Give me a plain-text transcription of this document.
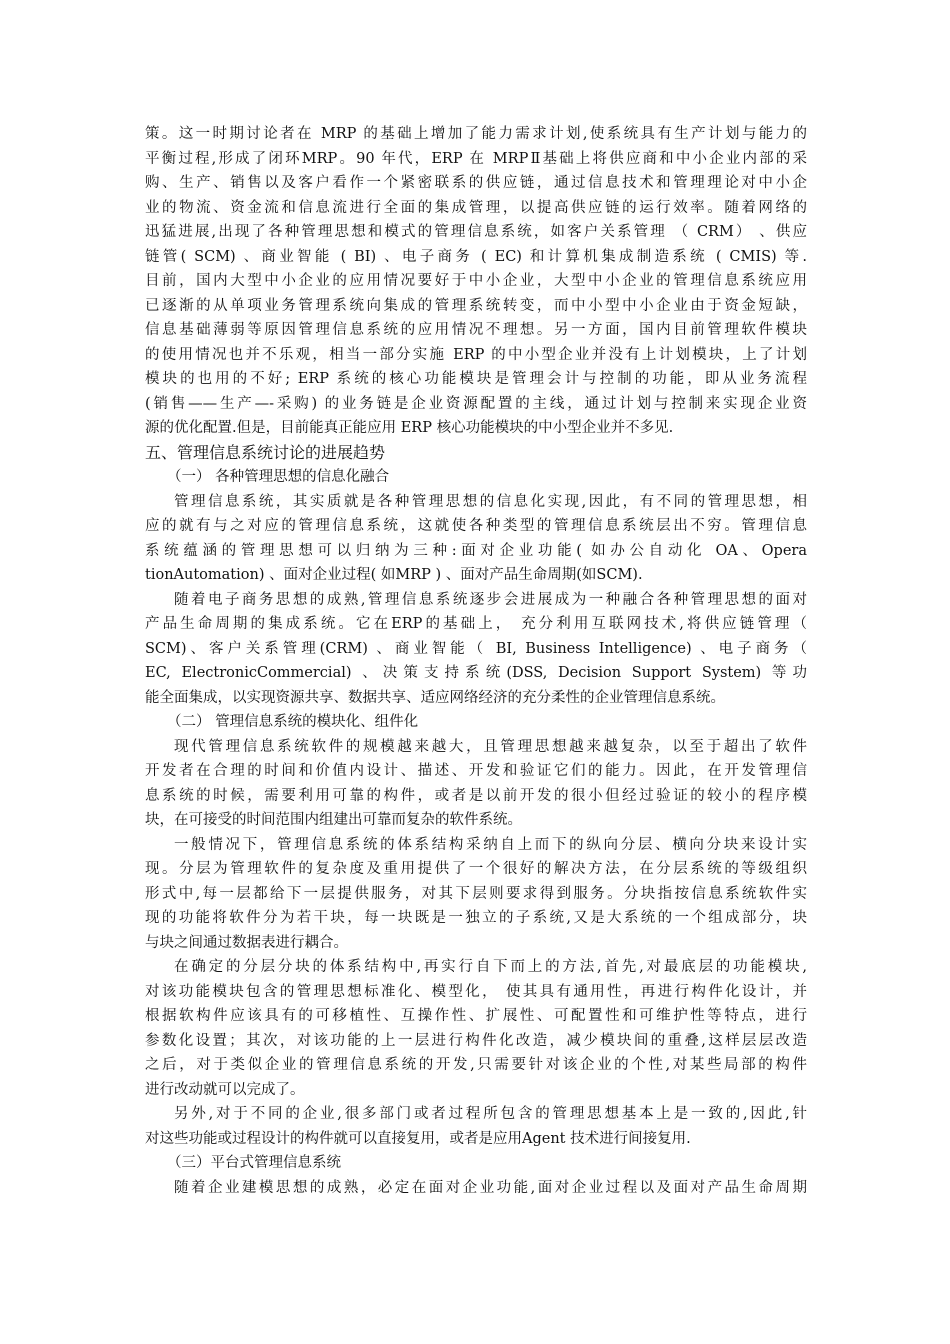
策。这一时期讨论者在 MRP 的基础上增加了能力需求计划,使系统具有生产计划与能力的
平衡过程,形成了闭环MRP。90 年代，ERP 在 MRPⅡ基础上将供应商和中小企业内部的采
购、生产、销售以及客户看作一个紧密联系的供应链，通过信息技术和管理理论对中小企
业的物流、资金流和信息流进行全面的集成管理，以提高供应链的运行效率。随着网络的
迅猛进展,出现了各种管理思想和模式的管理信息系统，如客户关系管理 （ CRM） 、供应
链管( SCM) 、商业智能 ( BI) 、电子商务 ( EC) 和计算机集成制造系统 ( CMIS) 等.
目前，国内大型中小企业的应用情况要好于中小企业，大型中小企业的管理信息系统应用
已逐渐的从单项业务管理系统向集成的管理系统转变，而中小型中小企业由于资金短缺，
信息基础薄弱等原因管理信息系统的应用情况不理想。另一方面，国内目前管理软件模块
的使用情况也并不乐观，相当一部分实施 ERP 的中小型企业并没有上计划模块，上了计划
模块的也用的不好; ERP 系统的核心功能模块是管理会计与控制的功能，即从业务流程
(销售——生产—-采购) 的业务链是企业资源配置的主线，通过计划与控制来实现企业资
源的优化配置.但是，目前能真正能应用 ERP 核心功能模块的中小型企业并不多见.
五、管理信息系统讨论的进展趋势
（一） 各种管理思想的信息化融合
管理信息系统，其实质就是各种管理思想的信息化实现,因此，有不同的管理思想，相
应的就有与之对应的管理信息系统，这就使各种类型的管理信息系统层出不穷。管理信息
系统蕴涵的管理思想可以归纳为三种:面对企业功能( 如办公自动化 OA、Opera
tionAutomation) 、面对企业过程( 如MRP ) 、面对产品生命周期(如SCM).
随着电子商务思想的成熟,管理信息系统逐步会进展成为一种融合各种管理思想的面对
产品生命周期的集成系统。它在ERP的基础上， 充分利用互联网技术,将供应链管理（
SCM)、客户关系管理(CRM) 、商业智能（ BI, Business Intelligence) 、电子商务（
EC, ElectronicCommercial) 、决策支持系统(DSS, Decision Support System) 等功
能全面集成，以实现资源共享、数据共享、适应网络经济的充分柔性的企业管理信息系统。
（二） 管理信息系统的模块化、组件化
现代管理信息系统软件的规模越来越大，且管理思想越来越复杂，以至于超出了软件
开发者在合理的时间和价值内设计、描述、开发和验证它们的能力。因此，在开发管理信
息系统的时候，需要利用可靠的构件，或者是以前开发的很小但经过验证的较小的程序模
块，在可接受的时间范围内组建出可靠而复杂的软件系统。
一般情况下，管理信息系统的体系结构采纳自上而下的纵向分层、横向分块来设计实
现。分层为管理软件的复杂度及重用提供了一个很好的解决方法，在分层系统的等级组织
形式中,每一层都给下一层提供服务，对其下层则要求得到服务。分块指按信息系统软件实
现的功能将软件分为若干块，每一块既是一独立的子系统,又是大系统的一个组成部分，块
与块之间通过数据表进行耦合。
在确定的分层分块的体系结构中,再实行自下而上的方法,首先,对最底层的功能模块,
对该功能模块包含的管理思想标准化、模型化， 使其具有通用性，再进行构件化设计，并
根据软构件应该具有的可移植性、互操作性、扩展性、可配置性和可维护性等特点，进行
参数化设置；其次，对该功能的上一层进行构件化改造，减少模块间的重叠,这样层层改造
之后，对于类似企业的管理信息系统的开发,只需要针对该企业的个性,对某些局部的构件
进行改动就可以完成了。
另外,对于不同的企业,很多部门或者过程所包含的管理思想基本上是一致的,因此,针
对这些功能或过程设计的构件就可以直接复用，或者是应用Agent 技术进行间接复用.
（三）平台式管理信息系统
随着企业建模思想的成熟，必定在面对企业功能,面对企业过程以及面对产品生命周期
